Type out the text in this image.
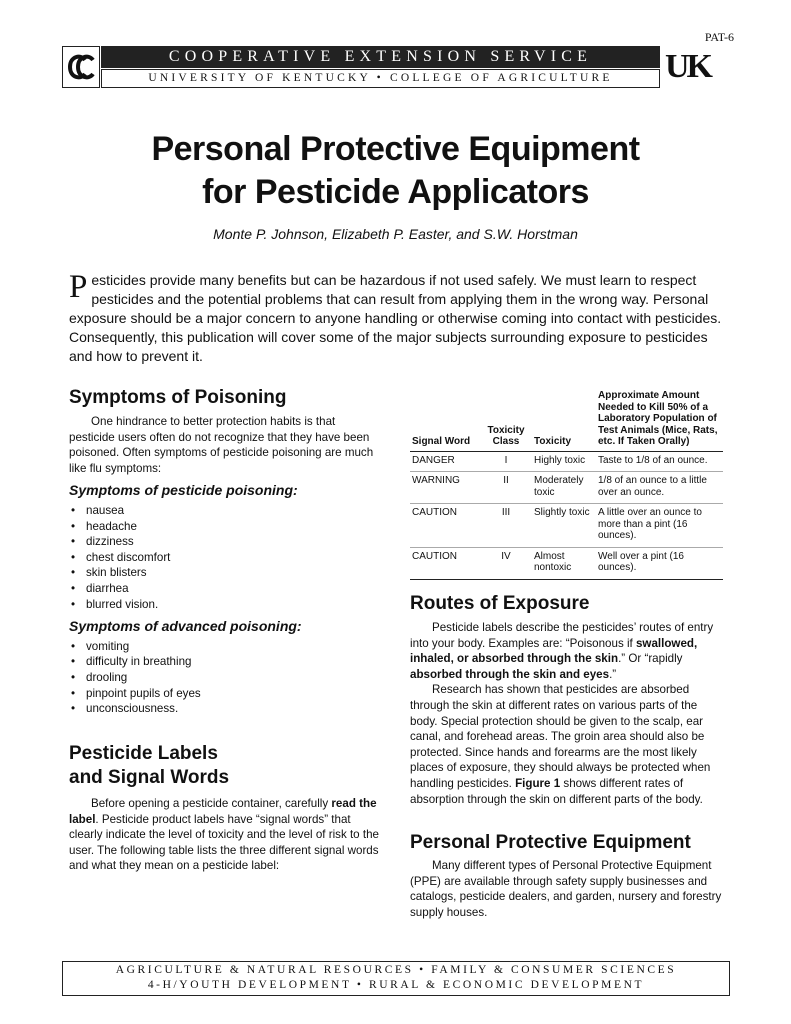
PAT-6
COOPERATIVE EXTENSION SERVICE
UNIVERSITY OF KENTUCKY • COLLEGE OF AGRICULTURE	UK
Personal Protective Equipment
for Pesticide Applicators
Monte P. Johnson, Elizabeth P. Easter, and S.W. Horstman

Pesticides provide many benefits but can be hazardous if not used safely. We must learn to respect pesticides and the potential problems that can result from applying them in the wrong way. Personal exposure should be a major concern to anyone handling or otherwise coming into contact with pesticides. Consequently, this publication will cover some of the major subjects surrounding exposure to pesticides and how to prevent it.

Symptoms of Poisoning

One hindrance to better protection habits is that pesticide users often do not recognize that they have been poisoned. Often symptoms of pesticide poisoning are much like flu symptoms:

Symptoms of pesticide poisoning:
• nausea
• headache
• dizziness
• chest discomfort
• skin blisters
• diarrhea
• blurred vision.
Symptoms of advanced poisoning:
• vomiting
• difficulty in breathing
• drooling
• pinpoint pupils of eyes
• unconsciousness.
Pesticide Labels
and Signal Words

Before opening a pesticide container, carefully read the label. Pesticide product labels have “signal words” that clearly indicate the level of toxicity and the level of risk to the user. The following table lists the three different signal words and what they mean on a pesticide label:

Signal Word	Toxicity Class	Toxicity	Approximate Amount Needed to Kill 50% of a Laboratory Population of Test Animals (Mice, Rats, etc. If Taken Orally)
DANGER	I	Highly toxic	Taste to 1/8 of an ounce.
WARNING	II	Moderately toxic	1/8 of an ounce to a little over an ounce.
CAUTION	III	Slightly toxic	A little over an ounce to more than a pint (16 ounces).
CAUTION	IV	Almost nontoxic	Well over a pint (16 ounces).
Routes of Exposure

Pesticide labels describe the pesticides’ routes of entry into your body. Examples are: “Poisonous if swallowed, inhaled, or absorbed through the skin.” Or “rapidly absorbed through the skin and eyes.”

Research has shown that pesticides are absorbed through the skin at different rates on various parts of the body. Special protection should be given to the scalp, ear canal, and forehead areas. The groin area should also be protected. Since hands and forearms are the most likely places of exposure, they should always be protected when handling pesticides. Figure 1 shows different rates of absorption through the skin on different parts of the body.

Personal Protective Equipment

Many different types of Personal Protective Equipment (PPE) are available through safety supply businesses and catalogs, pesticide dealers, and garden, nursery and forestry supply houses.

AGRICULTURE & NATURAL RESOURCES • FAMILY & CONSUMER SCIENCES
4-H/YOUTH DEVELOPMENT • RURAL & ECONOMIC DEVELOPMENT
